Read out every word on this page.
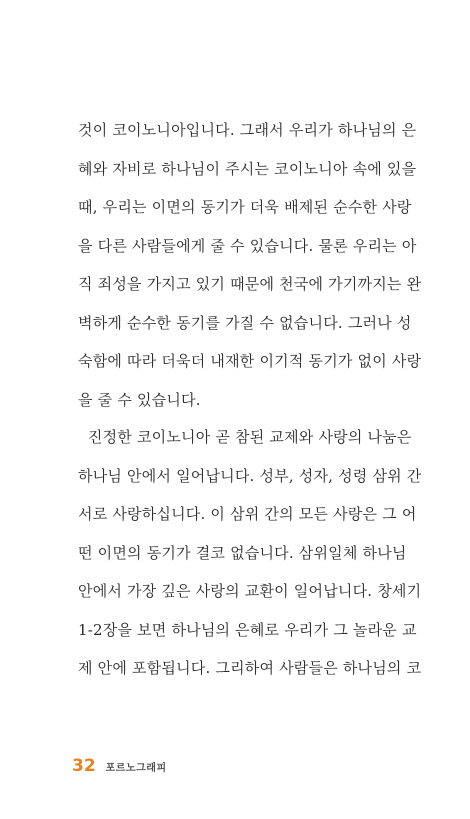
것이 코이노니아입니다. 그래서 우리가 하나님의 은
혜와 자비로 하나님이 주시는 코이노니아 속에 있을
때, 우리는 이면의 동기가 더욱 배제된 순수한 사랑
을 다른 사람들에게 줄 수 있습니다. 물론 우리는 아
직 죄성을 가지고 있기 때문에 천국에 가기까지는 완
벽하게 순수한 동기를 가질 수 없습니다. 그러나 성
숙함에 따라 더욱더 내재한 이기적 동기가 없이 사랑
을 줄 수 있습니다.
진정한 코이노니아 곧 참된 교제와 사랑의 나눔은
하나님 안에서 일어납니다. 성부, 성자, 성령 삼위 간
서로 사랑하십니다. 이 삼위 간의 모든 사랑은 그 어
떤 이면의 동기가 결코 없습니다. 삼위일체 하나님
안에서 가장 깊은 사랑의 교환이 일어납니다. 창세기
1-2장을 보면 하나님의 은혜로 우리가 그 놀라운 교
제 안에 포함됩니다. 그리하여 사람들은 하나님의 코
32 포르노그래피
